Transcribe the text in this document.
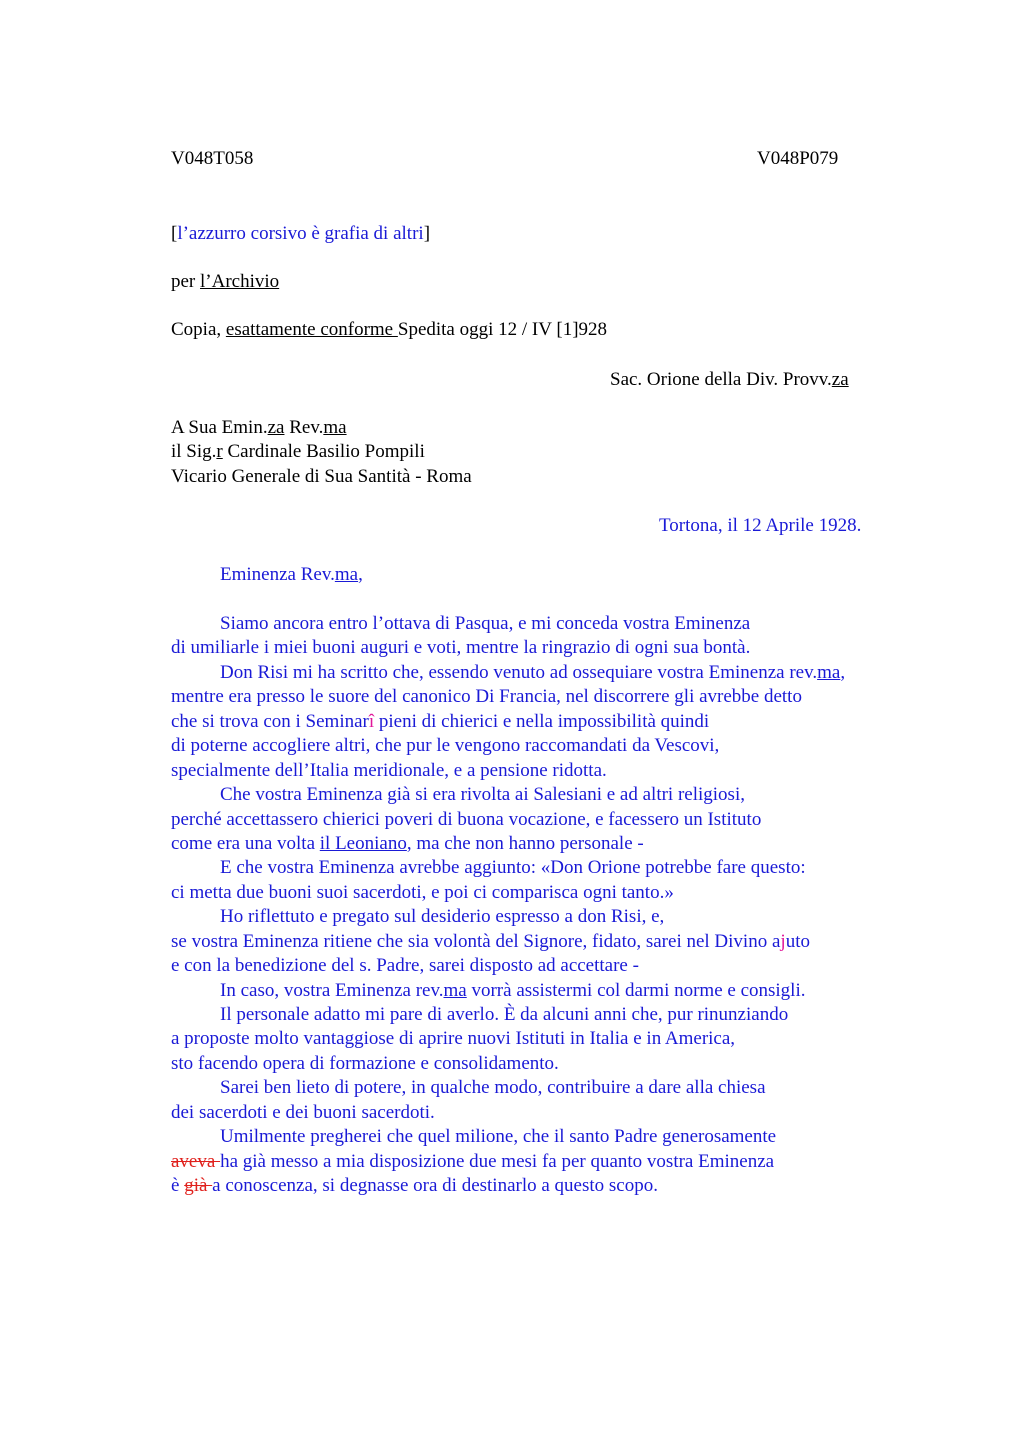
V048T058	V048P079
[l’azzurro corsivo è grafia di altri]
per l’Archivio
Copia, esattamente conforme Spedita oggi 12 / IV [1]928
Sac. Orione della Div. Provv.za
A Sua Emin.za Rev.ma
il Sig.r Cardinale Basilio Pompili
Vicario Generale di Sua Santità - Roma
Tortona, il 12 Aprile 1928.
Eminenza Rev.ma,
Siamo ancora entro l’ottava di Pasqua, e mi conceda vostra Eminenza
di umiliarle i miei buoni auguri e voti, mentre la ringrazio di ogni sua bontà.
Don Risi mi ha scritto che, essendo venuto ad ossequiare vostra Eminenza rev.ma,
mentre era presso le suore del canonico Di Francia, nel discorrere gli avrebbe detto
che si trova con i Seminarî pieni di chierici e nella impossibilità quindi
di poterne accogliere altri, che pur le vengono raccomandati da Vescovi,
specialmente dell’Italia meridionale, e a pensione ridotta.
Che vostra Eminenza già si era rivolta ai Salesiani e ad altri religiosi,
perché accettassero chierici poveri di buona vocazione, e facessero un Istituto
come era una volta il Leoniano, ma che non hanno personale -
E che vostra Eminenza avrebbe aggiunto: «Don Orione potrebbe fare questo:
ci metta due buoni suoi sacerdoti, e poi ci comparisca ogni tanto.»
Ho riflettuto e pregato sul desiderio espresso a don Risi, e,
se vostra Eminenza ritiene che sia volontà del Signore, fidato, sarei nel Divino ajuto
e con la benedizione del s. Padre, sarei disposto ad accettare -
In caso, vostra Eminenza rev.ma vorrà assistermi col darmi norme e consigli.
Il personale adatto mi pare di averlo. È da alcuni anni che, pur rinunziando
a proposte molto vantaggiose di aprire nuovi Istituti in Italia e in America,
sto facendo opera di formazione e consolidamento.
Sarei ben lieto di potere, in qualche modo, contribuire a dare alla chiesa
dei sacerdoti e dei buoni sacerdoti.
Umilmente pregherei che quel milione, che il santo Padre generosamente
aveva ha già messo a mia disposizione due mesi fa per quanto vostra Eminenza
è già a conoscenza, si degnasse ora di destinarlo a questo scopo.
